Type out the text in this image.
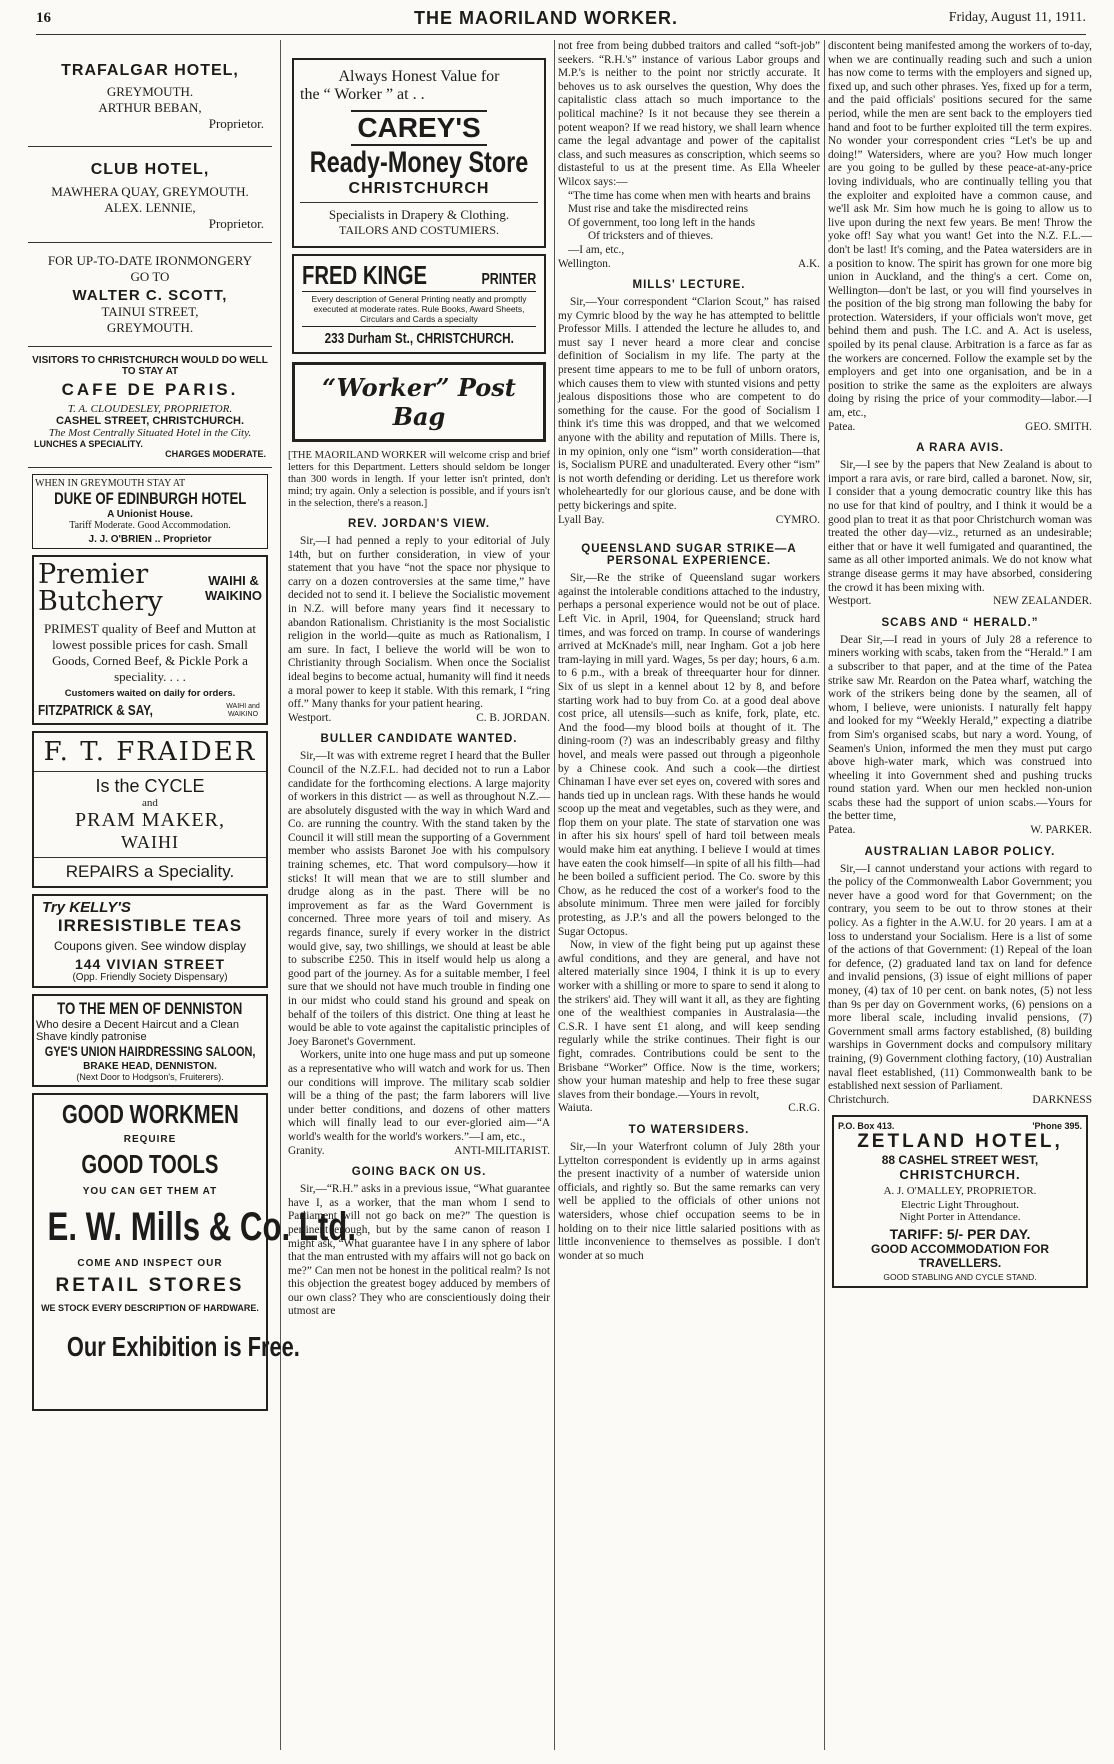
16	THE MAORILAND WORKER.	Friday, August 11, 1911.
TRAFALGAR HOTEL,
GREYMOUTH.
ARTHUR BEBAN,
Proprietor.
CLUB HOTEL,
MAWHERA QUAY, GREYMOUTH.
ALEX. LENNIE,
Proprietor.
FOR UP-TO-DATE IRONMONGERY
GO TO
WALTER C. SCOTT,
TAINUI STREET,
GREYMOUTH.
VISITORS TO CHRISTCHURCH WOULD DO WELL TO STAY AT
CAFE DE PARIS.
T. A. CLOUDESLEY, PROPRIETOR.
CASHEL STREET, CHRISTCHURCH.
The Most Centrally Situated Hotel in the City.
LUNCHES A SPECIALITY.
CHARGES MODERATE.
WHEN IN GREYMOUTH STAY AT
DUKE OF EDINBURGH HOTEL
A Unionist House.
Tariff Moderate. Good Accommodation.
J. J. O'BRIEN .. Proprietor
Premier
Butchery
WAIHI &
WAIKINO
PRIMEST quality of Beef and Mutton at lowest possible prices for cash. Small Goods, Corned Beef, & Pickle Pork a speciality. . . .
Customers waited on daily for orders.
FITZPATRICK & SAY,	WAIHI and WAIKINO
F. T. FRAIDER
Is the CYCLE
and
PRAM MAKER,
WAIHI
REPAIRS a Speciality.
Try KELLY'S
IRRESISTIBLE TEAS
Coupons given. See window display
144 VIVIAN STREET
(Opp. Friendly Society Dispensary)
TO THE MEN OF DENNISTON
Who desire a Decent Haircut and a Clean Shave kindly patronise
GYE'S UNION HAIRDRESSING SALOON,
BRAKE HEAD, DENNISTON.
(Next Door to Hodgson's, Fruiterers).
GOOD WORKMEN
REQUIRE
GOOD TOOLS
YOU CAN GET THEM AT
E. W. Mills & Co. Ltd.
COME AND INSPECT OUR
RETAIL STORES
WE STOCK EVERY DESCRIPTION OF HARDWARE.
Our Exhibition is Free.
Always Honest Value for
the “ Worker ” at . .
CAREY'S Ready-Money Store
CHRISTCHURCH
Specialists in Drapery & Clothing.
TAILORS AND COSTUMIERS.
FRED KINGE	PRINTER
Every description of General Printing neatly and promptly executed at moderate rates. Rule Books, Award Sheets, Circulars and Cards a specialty
233 Durham St., CHRISTCHURCH.
“Worker” Post Bag
[THE MAORILAND WORKER will welcome crisp and brief letters for this Department. Letters should seldom be longer than 300 words in length. If your letter isn't printed, don't mind; try again. Only a selection is possible, and if yours isn't in the selection, there's a reason.]
REV. JORDAN'S VIEW.

Sir,—I had penned a reply to your editorial of July 14th, but on further consideration, in view of your statement that you have “not the space nor physique to carry on a dozen controversies at the same time,” have decided not to send it. I believe the Socialistic movement in N.Z. will before many years find it necessary to abandon Rationalism. Christianity is the most Socialistic religion in the world—quite as much as Rationalism, I am sure. In fact, I believe the world will be won to Christianity through Socialism. When once the Socialist ideal begins to become actual, humanity will find it needs a moral power to keep it stable. With this remark, I “ring off.” Many thanks for your patient hearing.

Westport.	C. B. JORDAN.
BULLER CANDIDATE WANTED.

Sir,—It was with extreme regret I heard that the Buller Council of the N.Z.F.L. had decided not to run a Labor candidate for the forthcoming elections. A large majority of workers in this district — as well as throughout N.Z.—are absolutely disgusted with the way in which Ward and Co. are running the country. With the stand taken by the Council it will still mean the supporting of a Government member who assists Baronet Joe with his compulsory training schemes, etc. That word compulsory—how it sticks! It will mean that we are to still slumber and drudge along as in the past. There will be no improvement as far as the Ward Government is concerned. Three more years of toil and misery. As regards finance, surely if every worker in the district would give, say, two shillings, we should at least be able to subscribe £250. This in itself would help us along a good part of the journey. As for a suitable member, I feel sure that we should not have much trouble in finding one in our midst who could stand his ground and speak on behalf of the toilers of this district. One thing at least he would be able to vote against the capitalistic principles of Joey Baronet's Government.

Workers, unite into one huge mass and put up someone as a representative who will watch and work for us. Then our conditions will improve. The military scab soldier will be a thing of the past; the farm laborers will live under better conditions, and dozens of other matters which will finally lead to our ever-gloried aim—“A world's wealth for the world's workers.”—I am, etc.,

Granity.	ANTI-MILITARIST.
GOING BACK ON US.

Sir,—“R.H.” asks in a previous issue, “What guarantee have I, as a worker, that the man whom I send to Parliament will not go back on me?” The question is pertinent enough, but by the same canon of reason I might ask, “What guarantee have I in any sphere of labor that the man entrusted with my affairs will not go back on me?” Can men not be honest in the political realm? Is not this objection the greatest bogey adduced by members of our own class? They who are conscientiously doing their utmost are

not free from being dubbed traitors and called “soft-job” seekers. “R.H.'s” instance of various Labor groups and M.P.'s is neither to the point nor strictly accurate. It behoves us to ask ourselves the question, Why does the capitalistic class attach so much importance to the political machine? Is it not because they see therein a potent weapon? If we read history, we shall learn whence came the legal advantage and power of the capitalist class, and such measures as conscription, which seems so distasteful to us at the present time. As Ella Wheeler Wilcox says:—

“The time has come when men with hearts and brains
Must rise and take the misdirected reins
Of government, too long left in the hands
Of tricksters and of thieves.
—I am, etc.,
Wellington.	A.K.
MILLS' LECTURE.

Sir,—Your correspondent “Clarion Scout,” has raised my Cymric blood by the way he has attempted to belittle Professor Mills. I attended the lecture he alludes to, and must say I never heard a more clear and concise definition of Socialism in my life. The party at the present time appears to me to be full of unborn orators, which causes them to view with stunted visions and petty jealous dispositions those who are competent to do something for the cause. For the good of Socialism I think it's time this was dropped, and that we welcomed anyone with the ability and reputation of Mills. There is, in my opinion, only one “ism” worth consideration—that is, Socialism PURE and unadulterated. Every other “ism” is not worth defending or deriding. Let us therefore work wholeheartedly for our glorious cause, and be done with petty bickerings and spite.

Lyall Bay.	CYMRO.
QUEENSLAND SUGAR STRIKE—A PERSONAL EXPERIENCE.

Sir,—Re the strike of Queensland sugar workers against the intolerable conditions attached to the industry, perhaps a personal experience would not be out of place. Left Vic. in April, 1904, for Queensland; struck hard times, and was forced on tramp. In course of wanderings arrived at McKnade's mill, near Ingham. Got a job here tram-laying in mill yard. Wages, 5s per day; hours, 6 a.m. to 6 p.m., with a break of threequarter hour for dinner. Six of us slept in a kennel about 12 by 8, and before starting work had to buy from Co. at a good deal above cost price, all utensils—such as knife, fork, plate, etc. And the food—my blood boils at thought of it. The dining-room (?) was an indescribably greasy and filthy hovel, and meals were passed out through a pigeonhole by a Chinese cook. And such a cook—the dirtiest Chinaman I have ever set eyes on, covered with sores and hands tied up in unclean rags. With these hands he would scoop up the meat and vegetables, such as they were, and flop them on your plate. The state of starvation one was in after his six hours' spell of hard toil between meals would make him eat anything. I believe I would at times have eaten the cook himself—in spite of all his filth—had he been boiled a sufficient period. The Co. swore by this Chow, as he reduced the cost of a worker's food to the absolute minimum. Three men were jailed for forcibly protesting, as J.P.'s and all the powers belonged to the Sugar Octopus.

Now, in view of the fight being put up against these awful conditions, and they are general, and have not altered materially since 1904, I think it is up to every worker with a shilling or more to spare to send it along to the strikers' aid. They will want it all, as they are fighting one of the wealthiest companies in Australasia—the C.S.R. I have sent £1 along, and will keep sending regularly while the strike continues. Their fight is our fight, comrades. Contributions could be sent to the Brisbane “Worker” Office. Now is the time, workers; show your human mateship and help to free these sugar slaves from their bondage.—Yours in revolt,

Waiuta.	C.R.G.
TO WATERSIDERS.

Sir,—In your Waterfront column of July 28th your Lyttelton correspondent is evidently up in arms against the present inactivity of a number of waterside union officials, and rightly so. But the same remarks can very well be applied to the officials of other unions not watersiders, whose chief occupation seems to be in holding on to their nice little salaried positions with as little inconvenience to themselves as possible. I don't wonder at so much

discontent being manifested among the workers of to-day, when we are continually reading such and such a union has now come to terms with the employers and signed up, fixed up, and such other phrases. Yes, fixed up for a term, and the paid officials' positions secured for the same period, while the men are sent back to the employers tied hand and foot to be further exploited till the term expires. No wonder your correspondent cries “Let's be up and doing!” Watersiders, where are you? How much longer are you going to be gulled by these peace-at-any-price loving individuals, who are continually telling you that the exploiter and exploited have a common cause, and we'll ask Mr. Sim how much he is going to allow us to live upon during the next few years. Be men! Throw the yoke off! Say what you want! Get into the N.Z. F.L.—don't be last! It's coming, and the Patea watersiders are in a position to know. The spirit has grown for one more big union in Auckland, and the thing's a cert. Come on, Wellington—don't be last, or you will find yourselves in the position of the big strong man following the baby for protection. Watersiders, if your officials won't move, get behind them and push. The I.C. and A. Act is useless, spoiled by its penal clause. Arbitration is a farce as far as the workers are concerned. Follow the example set by the employers and get into one organisation, and be in a position to strike the same as the exploiters are always doing by rising the price of your commodity—labor.—I am, etc.,

Patea.	GEO. SMITH.
A RARA AVIS.

Sir,—I see by the papers that New Zealand is about to import a rara avis, or rare bird, called a baronet. Now, sir, I consider that a young democratic country like this has no use for that kind of poultry, and I think it would be a good plan to treat it as that poor Christchurch woman was treated the other day—viz., returned as an undesirable; either that or have it well fumigated and quarantined, the same as all other imported animals. We do not know what strange disease germs it may have absorbed, considering the crowd it has been mixing with.

Westport.	NEW ZEALANDER.
SCABS AND “ HERALD.”

Dear Sir,—I read in yours of July 28 a reference to miners working with scabs, taken from the “Herald.” I am a subscriber to that paper, and at the time of the Patea strike saw Mr. Reardon on the Patea wharf, watching the work of the strikers being done by the seamen, all of whom, I believe, were unionists. I naturally felt happy and looked for my “Weekly Herald,” expecting a diatribe from Sim's organised scabs, but nary a word. Young, of Seamen's Union, informed the men they must put cargo above high-water mark, which was construed into wheeling it into Government shed and pushing trucks round station yard. When our men heckled non-union scabs these had the support of union scabs.—Yours for the better time,

Patea.	W. PARKER.
AUSTRALIAN LABOR POLICY.

Sir,—I cannot understand your actions with regard to the policy of the Commonwealth Labor Government; you never have a good word for that Government; on the contrary, you seem to be out to throw stones at their policy. As a fighter in the A.W.U. for 20 years. I am at a loss to understand your Socialism. Here is a list of some of the actions of that Government: (1) Repeal of the loan for defence, (2) graduated land tax on land for defence and invalid pensions, (3) issue of eight millions of paper money, (4) tax of 10 per cent. on bank notes, (5) not less than 9s per day on Government works, (6) pensions on a more liberal scale, including invalid pensions, (7) Government small arms factory established, (8) building warships in Government docks and compulsory military training, (9) Government clothing factory, (10) Australian naval fleet established, (11) Commonwealth bank to be established next session of Parliament.

Christchurch.	DARKNESS
P.O. Box 413.	'Phone 395.
ZETLAND HOTEL,
88 CASHEL STREET WEST,
CHRISTCHURCH.
A. J. O'MALLEY, PROPRIETOR.
Electric Light Throughout.
Night Porter in Attendance.
TARIFF: 5/- PER DAY.
GOOD ACCOMMODATION FOR TRAVELLERS.
GOOD STABLING AND CYCLE STAND.
